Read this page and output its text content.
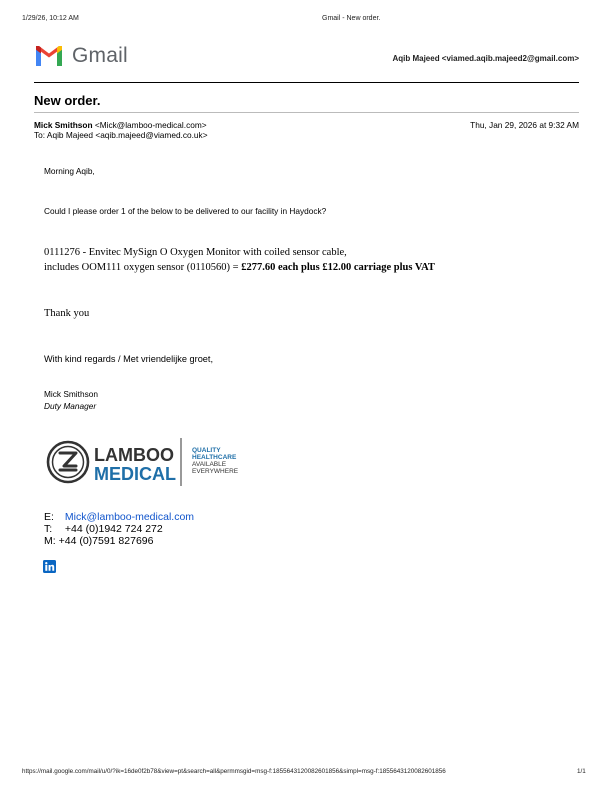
1/29/26, 10:12 AM	Gmail - New order.
Gmail	Aqib Majeed <viamed.aqib.majeed2@gmail.com>
New order.
Mick Smithson <Mick@lamboo-medical.com>	Thu, Jan 29, 2026 at 9:32 AM
To: Aqib Majeed <aqib.majeed@viamed.co.uk>
Morning Aqib,
Could I please order 1 of the below to be delivered to our facility in Haydock?
0111276 - Envitec MySign O Oxygen Monitor with coiled sensor cable,
includes OOM111 oxygen sensor (0110560) = £277.60 each plus £12.00 carriage plus VAT
Thank you
With kind regards / Met vriendelijke groet,
Mick Smithson
Duty Manager
LAMBOO
MEDICAL
QUALITY
HEALTHCARE
AVAILABLE
EVERYWHERE
E: Mick@lamboo-medical.com
T: +44 (0)1942 724 272
M: +44 (0)7591 827696
https://mail.google.com/mail/u/0/?ik=16de0f2b78&view=pt&search=all&permmsgid=msg-f:1855643120082601856&simpl=msg-f:1855643120082601856	1/1
